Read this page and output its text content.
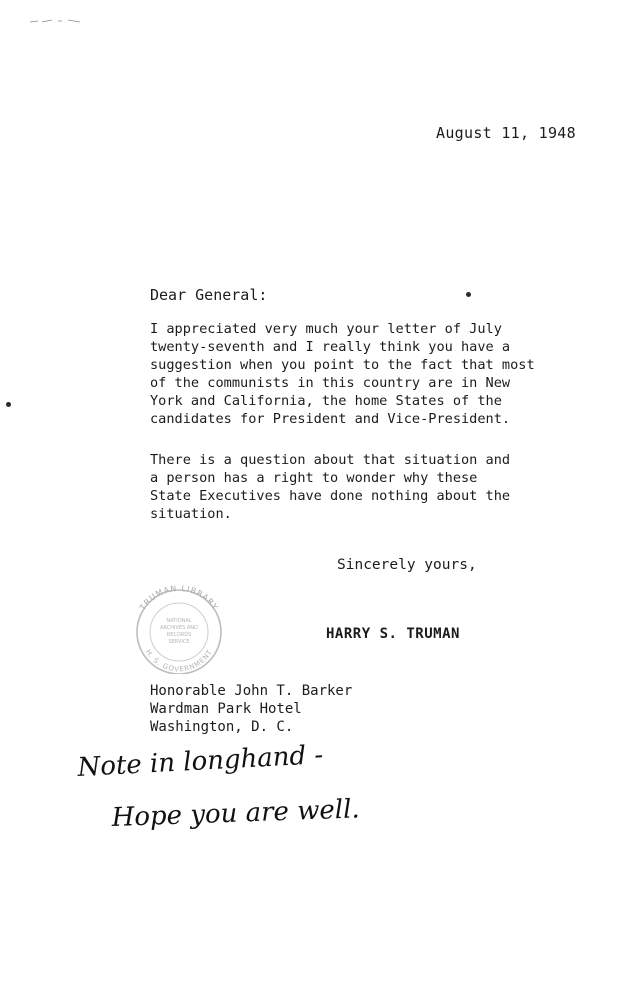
August 11, 1948
Dear General:
I appreciated very much your letter of July
twenty-seventh and I really think you have a
suggestion when you point to the fact that most
of the communists in this country are in New
York and California, the home States of the
candidates for President and Vice-President.
There is a question about that situation and
a person has a right to wonder why these
State Executives have done nothing about the
situation.
Sincerely yours,
TRUMAN LIBRARY
H. S. GOVERNMENT
NATIONAL
ARCHIVES AND
RECORDS
SERVICE	HARRY S. TRUMAN
Honorable John T. Barker
Wardman Park Hotel
Washington, D. C.
Note in longhand -
Hope you are well.
